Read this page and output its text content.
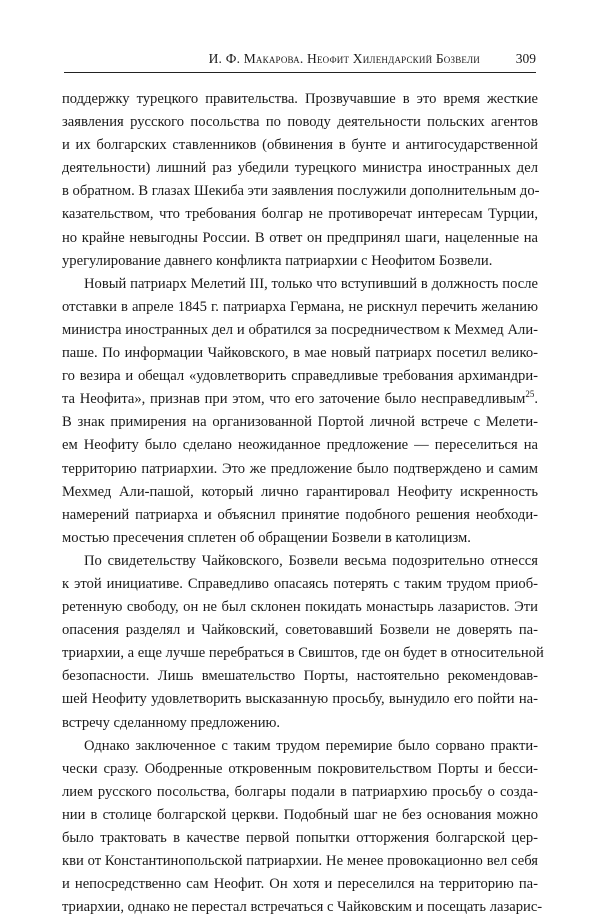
И. Ф. Макарова. Неофит Хилендарский Бозвели	309
поддержку турецкого правительства. Прозвучавшие в это время жесткие
заявления русского посольства по поводу деятельности польских агентов
и их болгарских ставленников (обвинения в бунте и антигосударственной
деятельности) лишний раз убедили турецкого министра иностранных дел
в обратном. В глазах Шекиба эти заявления послужили дополнительным до-
казательством, что требования болгар не противоречат интересам Турции,
но крайне невыгодны России. В ответ он предпринял шаги, нацеленные на
урегулирование давнего конфликта патриархии с Неофитом Бозвели.
Новый патриарх Мелетий III, только что вступивший в должность после
отставки в апреле 1845 г. патриарха Германа, не рискнул перечить желанию
министра иностранных дел и обратился за посредничеством к Мехмед Али-
паше. По информации Чайковского, в мае новый патриарх посетил велико-
го везира и обещал «удовлетворить справедливые требования архимандри-
та Неофита», признав при этом, что его заточение было несправедливым$^{25}$.
В знак примирения на организованной Портой личной встрече с Мелети-
ем Неофиту было сделано неожиданное предложение — переселиться на
территорию патриархии. Это же предложение было подтверждено и самим
Мехмед Али-пашой, который лично гарантировал Неофиту искренность
намерений патриарха и объяснил принятие подобного решения необходи-
мостью пресечения сплетен об обращении Бозвели в католицизм.
По свидетельству Чайковского, Бозвели весьма подозрительно отнесся
к этой инициативе. Справедливо опасаясь потерять с таким трудом приоб-
ретенную свободу, он не был склонен покидать монастырь лазаристов. Эти
опасения разделял и Чайковский, советовавший Бозвели не доверять па-
триархии, а еще лучше перебраться в Свиштов, где он будет в относительной
безопасности. Лишь вмешательство Порты, настоятельно рекомендовав-
шей Неофиту удовлетворить высказанную просьбу, вынудило его пойти на-
встречу сделанному предложению.
Однако заключенное с таким трудом перемирие было сорвано практи-
чески сразу. Ободренные откровенным покровительством Порты и бесси-
лием русского посольства, болгары подали в патриархию просьбу о созда-
нии в столице болгарской церкви. Подобный шаг не без основания можно
было трактовать в качестве первой попытки отторжения болгарской цер-
кви от Константинопольской патриархии. Не менее провокационно вел себя
и непосредственно сам Неофит. Он хотя и переселился на территорию па-
триархии, однако не перестал встречаться с Чайковским и посещать лазарис-
